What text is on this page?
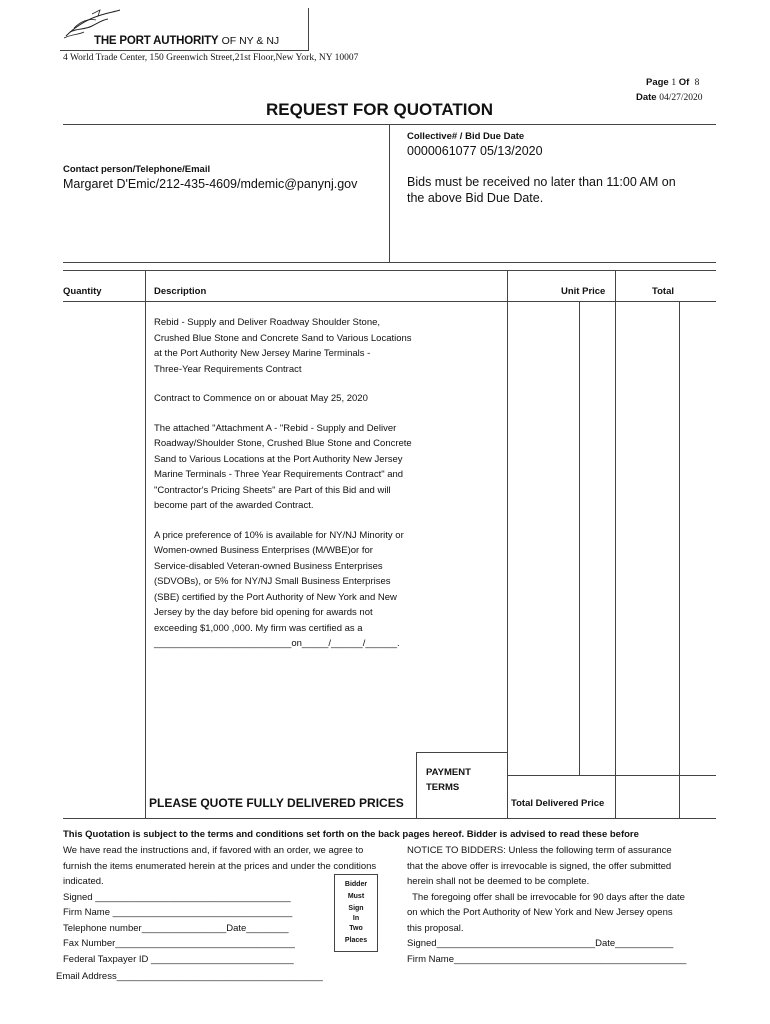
THE PORT AUTHORITY OF NY & NJ
4 World Trade Center, 150 Greenwich Street,21st Floor,New York, NY 10007
Page 1 Of 8
Date 04/27/2020
REQUEST FOR QUOTATION
Contact person/Telephone/Email
Margaret D'Emic/212-435-4609/mdemic@panynj.gov
Collective# / Bid Due Date
0000061077 05/13/2020
Bids must be received no later than 11:00 AM on
the above Bid Due Date.
Quantity	Description	Unit Price	Total

Rebid - Supply and Deliver Roadway Shoulder Stone,
Crushed Blue Stone and Concrete Sand to Various Locations
at the Port Authority New Jersey Marine Terminals -
Three-Year Requirements Contract

Contract to Commence on or abouat May 25, 2020

The attached "Attachment A - "Rebid - Supply and Deliver
Roadway/Shoulder Stone, Crushed Blue Stone and Concrete
Sand to Various Locations at the Port Authority New Jersey
Marine Terminals - Three Year Requirements Contract" and
"Contractor's Pricing Sheets" are Part of this Bid and will
become part of the awarded Contract.

A price preference of 10% is available for NY/NJ Minority or
Women-owned Business Enterprises (M/WBE)or for
Service-disabled Veteran-owned Business Enterprises
(SDVOBs), or 5% for NY/NJ Small Business Enterprises
(SBE) certified by the Port Authority of New York and New
Jersey by the day before bid opening for awards not
exceeding $1,000 ,000. My firm was certified as a
__________________________on_____/______/______.

PAYMENT
TERMS
PLEASE QUOTE FULLY DELIVERED PRICES	Total Delivered Price
This Quotation is subject to the terms and conditions set forth on the back pages hereof. Bidder is advised to read these before
We have read the instructions and, if favored with an order, we agree to
furnish the items enumerated herein at the prices and under the conditions
indicated.
Signed _____________________________________
Firm Name __________________________________
Telephone number________________Date________
Fax Number__________________________________
Federal Taxpayer ID ___________________________
Email Address_______________________________________
Bidder
Must
Sign
In
Two
Places
NOTICE TO BIDDERS: Unless the following term of assurance
that the above offer is irrevocable is signed, the offer submitted
herein shall not be deemed to be complete.
The foregoing offer shall be irrevocable for 90 days after the date
on which the Port Authority of New York and New Jersey opens
this proposal.
Signed______________________________Date___________
Firm Name____________________________________________
